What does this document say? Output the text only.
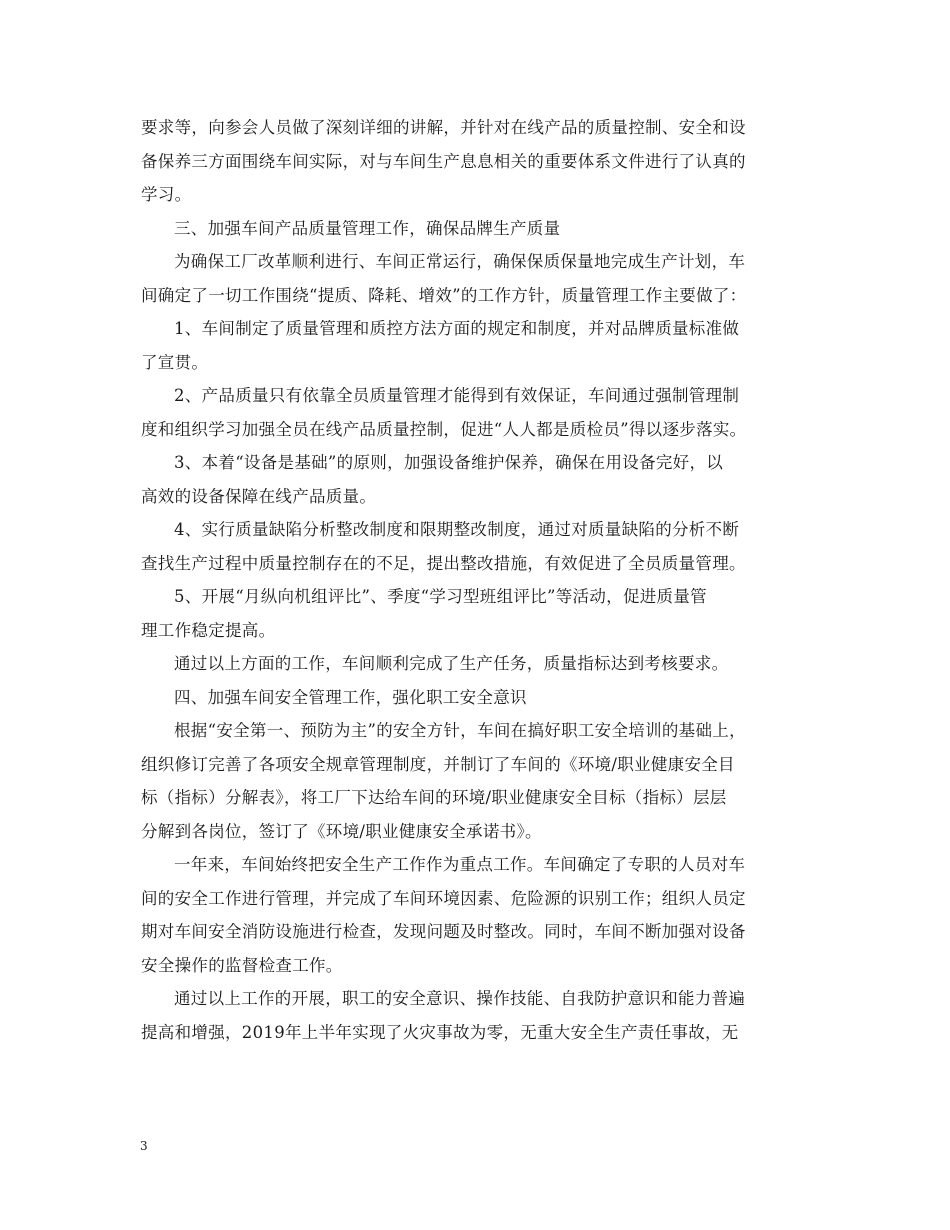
要求等，向参会人员做了深刻详细的讲解，并针对在线产品的质量控制、安全和设
备保养三方面围绕车间实际，对与车间生产息息相关的重要体系文件进行了认真的
学习。
三、加强车间产品质量管理工作，确保品牌生产质量
为确保工厂改革顺利进行、车间正常运行，确保保质保量地完成生产计划，车
间确定了一切工作围绕“提质、降耗、增效”的工作方针，质量管理工作主要做了：
1、车间制定了质量管理和质控方法方面的规定和制度，并对品牌质量标准做
了宣贯。
2、产品质量只有依靠全员质量管理才能得到有效保证，车间通过强制管理制
度和组织学习加强全员在线产品质量控制，促进“人人都是质检员”得以逐步落实。
3、本着“设备是基础”的原则，加强设备维护保养，确保在用设备完好，以
高效的设备保障在线产品质量。
4、实行质量缺陷分析整改制度和限期整改制度，通过对质量缺陷的分析不断
查找生产过程中质量控制存在的不足，提出整改措施，有效促进了全员质量管理。
5、开展“月纵向机组评比”、季度“学习型班组评比”等活动，促进质量管
理工作稳定提高。
通过以上方面的工作，车间顺利完成了生产任务，质量指标达到考核要求。
四、加强车间安全管理工作，强化职工安全意识
根据“安全第一、预防为主”的安全方针，车间在搞好职工安全培训的基础上，
组织修订完善了各项安全规章管理制度，并制订了车间的《环境/职业健康安全目
标（指标）分解表》，将工厂下达给车间的环境/职业健康安全目标（指标）层层
分解到各岗位，签订了《环境/职业健康安全承诺书》。
一年来，车间始终把安全生产工作作为重点工作。车间确定了专职的人员对车
间的安全工作进行管理，并完成了车间环境因素、危险源的识别工作；组织人员定
期对车间安全消防设施进行检查，发现问题及时整改。同时，车间不断加强对设备
安全操作的监督检查工作。
通过以上工作的开展，职工的安全意识、操作技能、自我防护意识和能力普遍
提高和增强，2019年上半年实现了火灾事故为零，无重大安全生产责任事故，无
3
